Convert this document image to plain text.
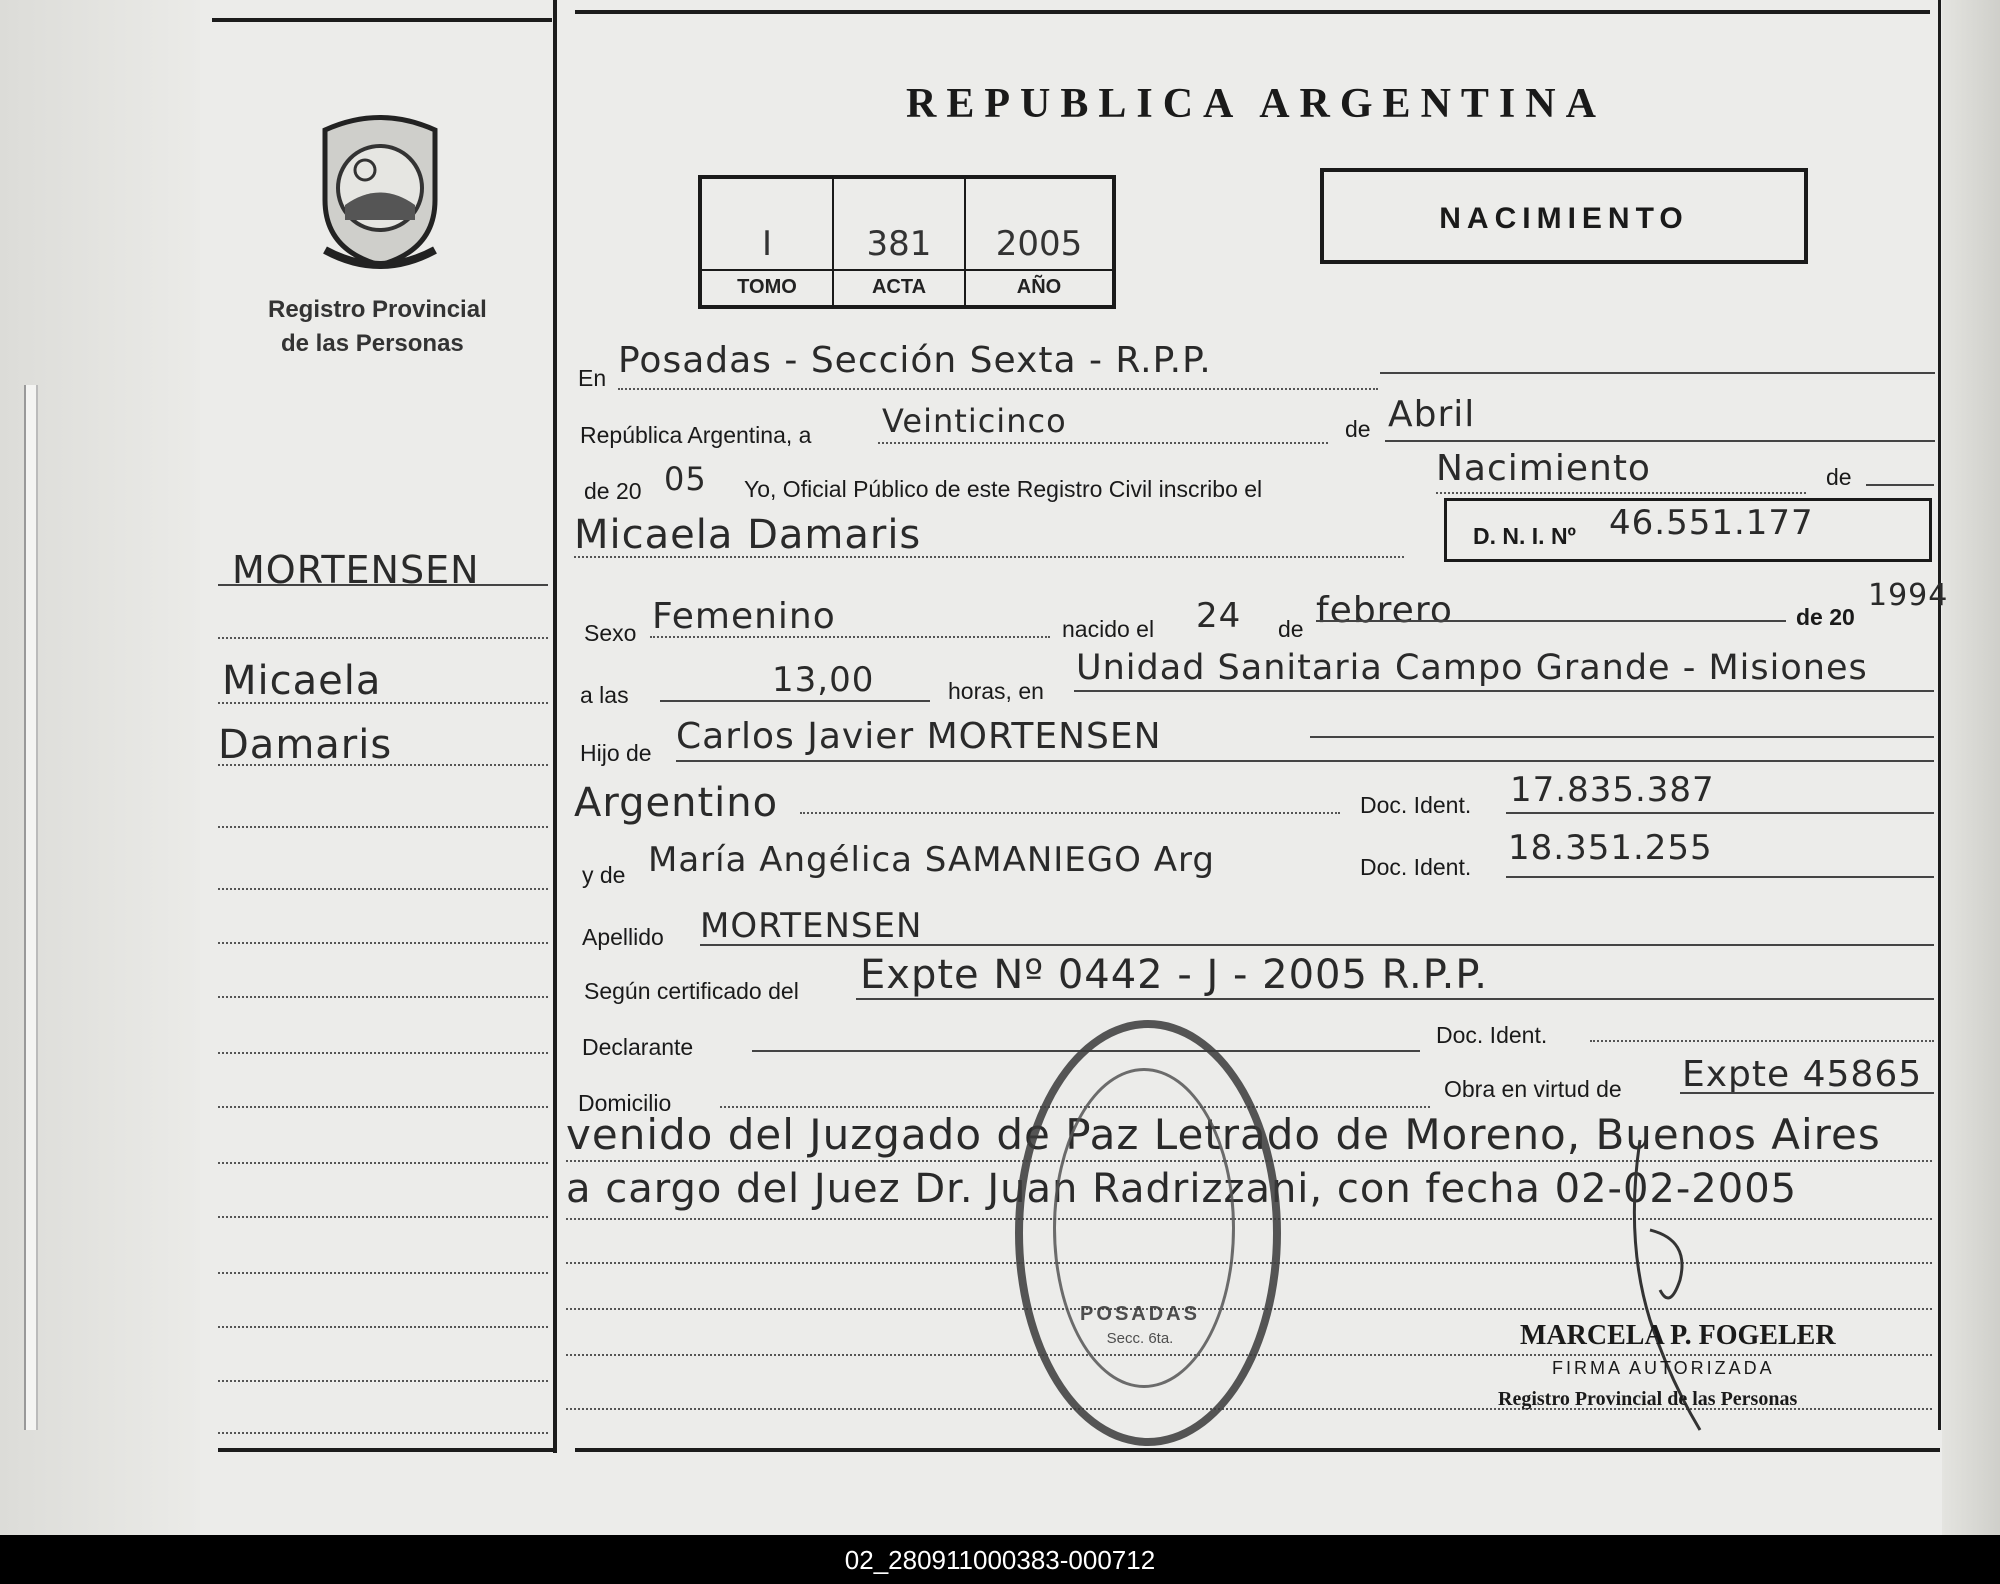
Registro Provincial
de las Personas
MORTENSEN
Micaela
Damaris
REPUBLICA ARGENTINA
I	381	2005
TOMO	ACTA	AÑO
NACIMIENTO
En Posadas - Sección Sexta - R.P.P.
República Argentina, a Veinticinco	de Abril
de 20 05 Yo, Oficial Público de este Registro Civil inscribo el	Nacimiento	de
Micaela Damaris	D. N. I. Nº 46.551.177
Sexo Femenino	nacido el 24 de febrero	de 20
1994
a las	13,00	horas, en
Unidad Sanitaria Campo Grande - Misiones
Hijo de Carlos Javier MORTENSEN
Argentino	Doc. Ident. 17.835.387
y de María Angélica SAMANIEGO Arg	Doc. Ident. 18.351.255
Apellido MORTENSEN
Según certificado del Expte Nº 0442 - J - 2005 R.P.P.
Declarante	Doc. Ident.
Domicilio
Obra en virtud de Expte 45865
venido del Juzgado de Paz Letrado de Moreno, Buenos Aires
a cargo del Juez Dr. Juan Radrizzani, con fecha 02-02-2005
POSADAS
Secc. 6ta.	MARCELA P. FOGELER
FIRMA AUTORIZADA
Registro Provincial de las Personas
02_280911000383-000712
